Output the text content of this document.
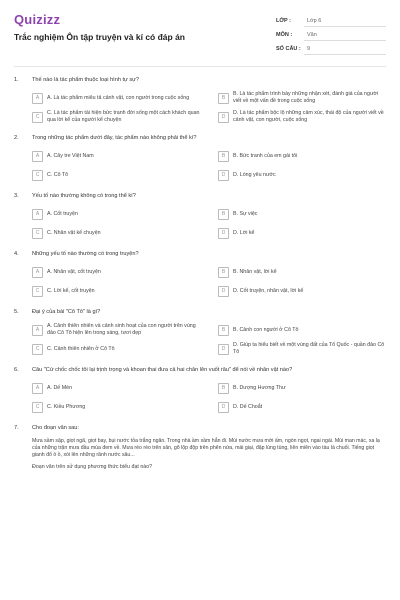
Quizizz
Trắc nghiệm Ôn tập truyện và kí có đáp án
LỚP :	Lớp 6
MÔN :	Văn
SỐ CÂU :	9
1.	Thế nào là tác phẩm thuộc loại hình tự sự?
A	A. Là tác phẩm miêu tả cảnh vật, con người trong cuộc sống	B
B. Là tác phẩm trình bày những nhận xét, đánh giá của người viết về một vấn đề trong cuộc sống
C
C. Là tác phẩm tái hiện bức tranh đời sống một cách khách quan qua lời kể của người kể chuyện
D
D. Là tác phẩm bộc lộ những cảm xúc, thái độ của người viết về cảnh vật, con người, cuộc sống
2.	Trong những tác phẩm dưới đây, tác phẩm nào không phải thể kí?
A	A. Cây tre Việt Nam	B	B. Bức tranh của em gái tôi
C	C. Cô Tô	D	D. Lòng yêu nước
3.	Yếu tố nào thường không có trong thể kí?
A	A. Cốt truyện	B	B. Sự việc
C	C. Nhân vật kể chuyện	D	D. Lời kể
4.	Những yếu tố nào thường có trong truyện?
A	A. Nhân vật, cốt truyện	B	B. Nhân vật, lời kể
C	C. Lời kể, cốt truyện	D	D. Cốt truyện, nhân vật, lời kể
5.	Đại ý của bài "Cô Tô" là gì?
A
A. Cảnh thiên nhiên và cảnh sinh hoạt của con người trên vùng đảo Cô Tô hiện lên trong sáng, tươi đẹp
B	B. Cảnh con người ở Cô Tô
C	C. Cảnh thiên nhiên ở Cô Tô	D
D. Giúp ta hiểu biết về một vùng đất của Tổ Quốc - quần đảo Cô Tô
6.	Câu "Cứ chốc chốc tôi lại trịnh trọng và khoan thai đưa cả hai chân lên vuốt râu" để nói về nhân vật nào?
A	A. Dế Mèn	B	B. Dượng Hương Thư
C	C. Kiều Phương	D	D. Dế Choắt
7.	Cho đoạn văn sau:

Mưa sầm sập, giọt ngã, giọt bay, bụi nước tỏa trắng ngăn. Trong nhà ầm xầm hẳn đi. Mùi nước mưa mới ấm, ngòn ngọt, ngai ngái. Mùi man mác, xa lạ của những trận mưa đầu mùa đem về. Mưa rèo rèo trên sân, gõ lộp độp trên phên nứa, mái giại, đập lùng tùng, liên miên vào tàu lá chuối. Tiếng giọt gianh đổ ồ ồ, xói lên những rãnh nước sâu...

Đoạn văn trên sử dụng phương thức biểu đạt nào?
